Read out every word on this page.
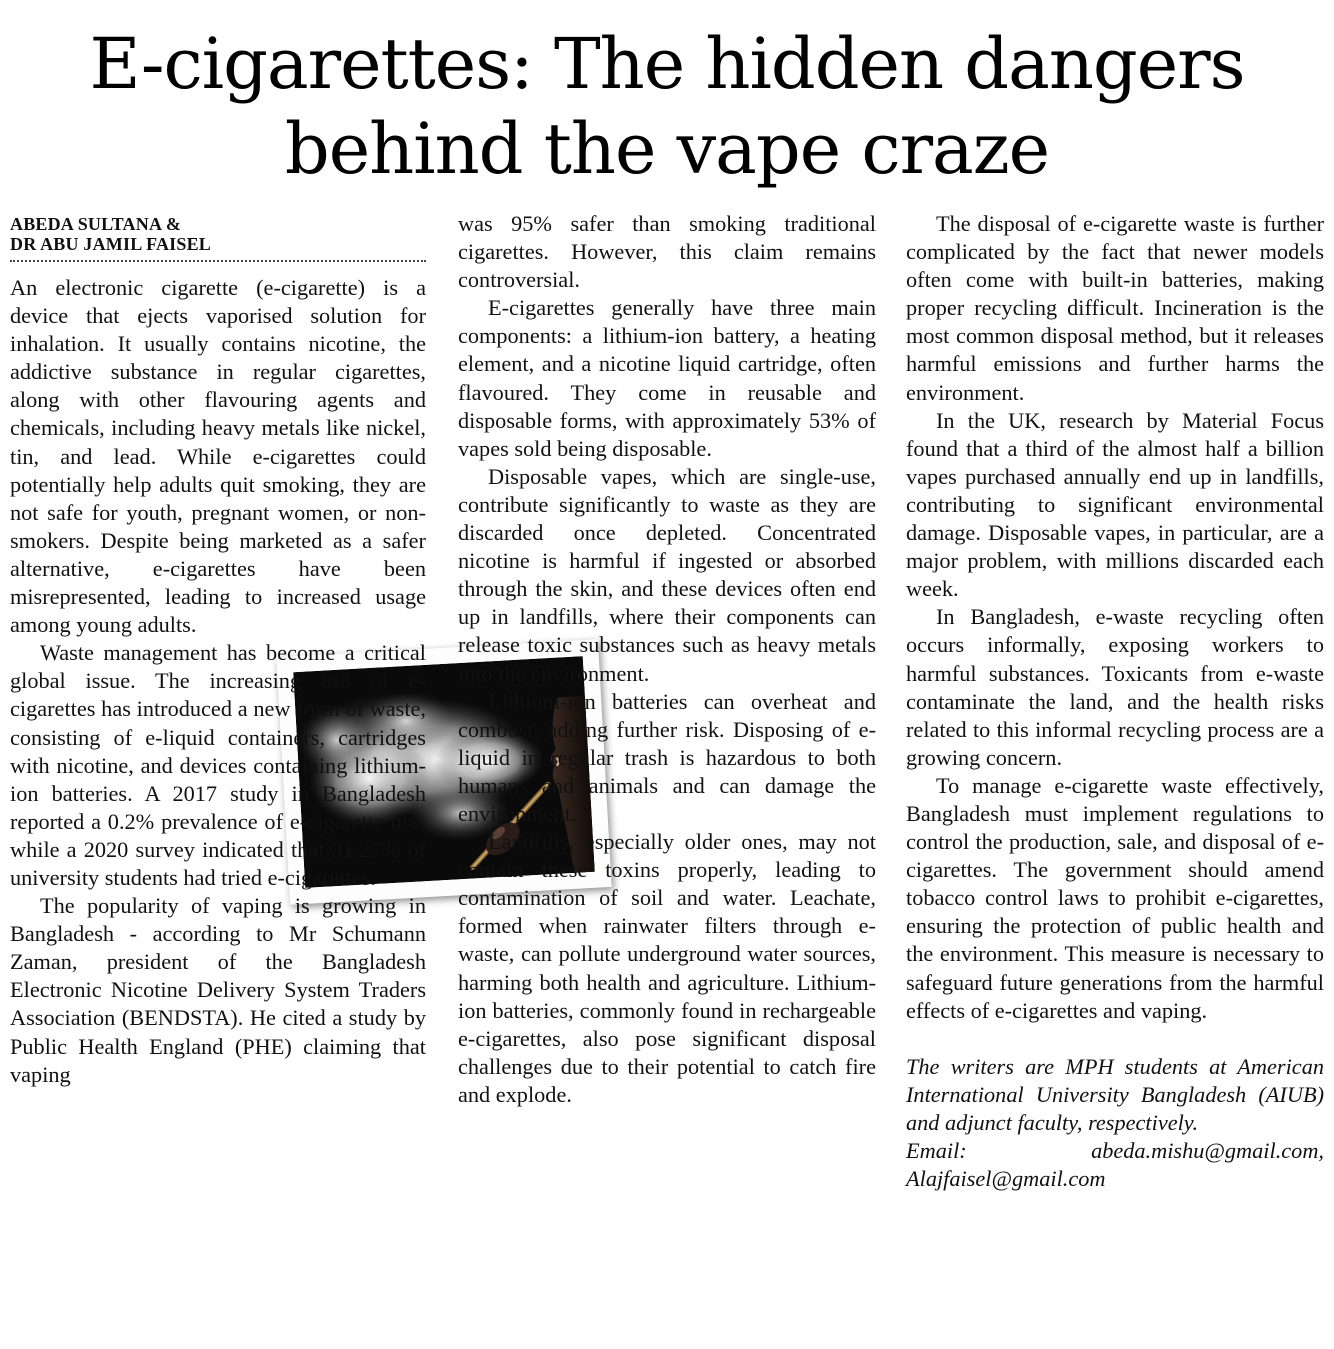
E-cigarettes: The hidden dangers
behind the vape craze
ABEDA SULTANA &
DR ABU JAMIL FAISEL

An electronic cigarette (e-cigarette) is a device that ejects vaporised solution for inhalation. It usually contains nicotine, the addictive substance in regular cigarettes, along with other flavouring agents and chemicals, including heavy metals like nickel, tin, and lead. While e-cigarettes could potentially help adults quit smoking, they are not safe for youth, pregnant women, or non-smokers. Despite being marketed as a safer alternative, e-cigarettes have been misrepresented, leading to increased usage among young adults.

Waste management has become a critical global issue. The increasing use of e-cigarettes has introduced a new form of waste, consisting of e-liquid containers, cartridges with nicotine, and devices containing lithium-ion batteries. A 2017 study in Bangladesh reported a 0.2% prevalence of e-cigarette use, while a 2020 survey indicated that 31.27% of university students had tried e-cigarettes.

The popularity of vaping is growing in Bangladesh - according to Mr Schumann Zaman, president of the Bangladesh Electronic Nicotine Delivery System Traders Association (BENDSTA). He cited a study by Public Health England (PHE) claiming that vaping

was 95% safer than smoking traditional cigarettes. However, this claim remains controversial.

E-cigarettes generally have three main components: a lithium-ion battery, a heating element, and a nicotine liquid cartridge, often flavoured. They come in reusable and disposable forms, with approximately 53% of vapes sold being disposable.

Disposable vapes, which are single-use, contribute significantly to waste as they are discarded once depleted. Concentrated nicotine is harmful if ingested or absorbed through the skin, and these devices often end up in landfills, where their components can release toxic substances such as heavy metals into the environment.

Lithium-ion batteries can overheat and combust, adding further risk. Disposing of e-liquid in regular trash is hazardous to both humans and animals and can damage the environment.

Landfills, especially older ones, may not contain these toxins properly, leading to contamination of soil and water. Leachate, formed when rainwater filters through e-waste, can pollute underground water sources, harming both health and agriculture. Lithium-ion batteries, commonly found in rechargeable e-cigarettes, also pose significant disposal challenges due to their potential to catch fire and explode.

The disposal of e-cigarette waste is further complicated by the fact that newer models often come with built-in batteries, making proper recycling difficult. Incineration is the most common disposal method, but it releases harmful emissions and further harms the environment.

In the UK, research by Material Focus found that a third of the almost half a billion vapes purchased annually end up in landfills, contributing to significant environmental damage. Disposable vapes, in particular, are a major problem, with millions discarded each week.

In Bangladesh, e-waste recycling often occurs informally, exposing workers to harmful substances. Toxicants from e-waste contaminate the land, and the health risks related to this informal recycling process are a growing concern.

To manage e-cigarette waste effectively, Bangladesh must implement regulations to control the production, sale, and disposal of e-cigarettes. The government should amend tobacco control laws to prohibit e-cigarettes, ensuring the protection of public health and the environment. This measure is necessary to safeguard future generations from the harmful effects of e-cigarettes and vaping.

The writers are MPH students at American International University Bangladesh (AIUB) and adjunct faculty, respectively.

Email:	abeda.mishu@gmail.com,

Alajfaisel@gmail.com
